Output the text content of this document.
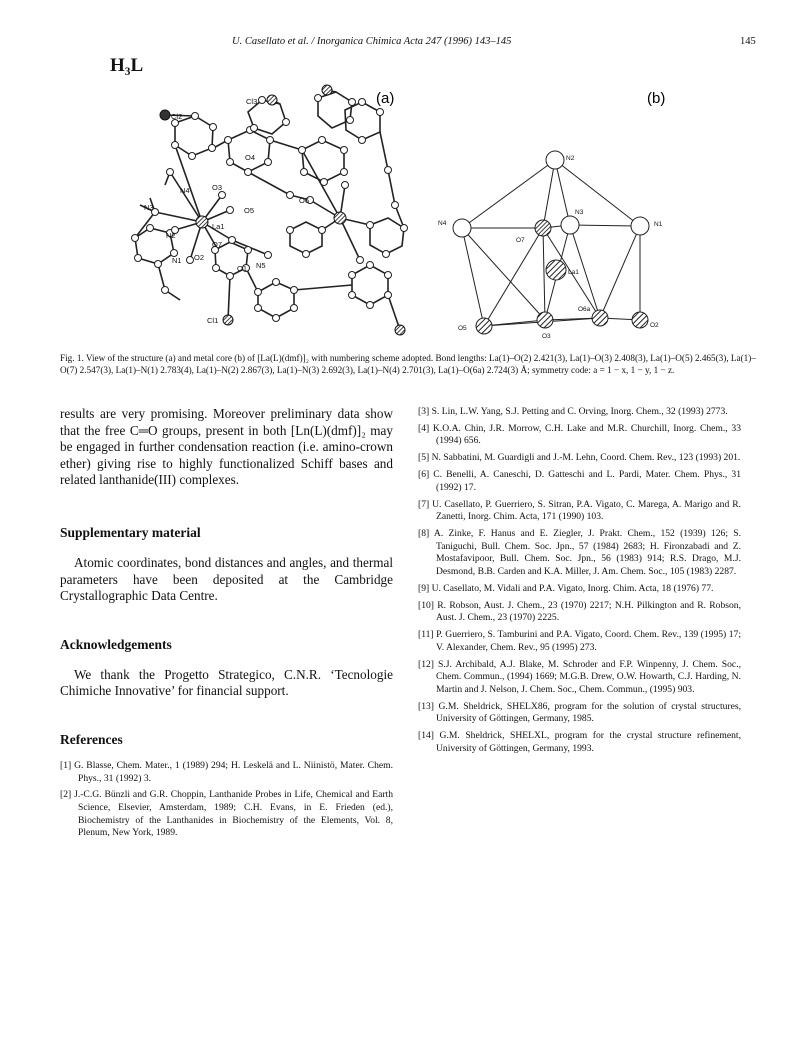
U. Casellato et al. / Inorganica Chimica Acta 247 (1996) 143–145	145
H₃L
Cl3
Cl2
O4
O3
N4
N3	O5
O6
N2
La1
O7
N1 O2
O1 N5
Cl1
(a)	(b)
N2
N4
N3
N1
O7
La1
O6a
O5	O2
O3
Fig. 1. View of the structure (a) and metal core (b) of [La(L)(dmf)]₂ with numbering scheme adopted. Bond lengths: La(1)–O(2) 2.421(3), La(1)–O(3) 2.408(3), La(1)–O(5) 2.465(3), La(1)–O(7) 2.547(3), La(1)–N(1) 2.783(4), La(1)–N(2) 2.867(3), La(1)–N(3) 2.692(3), La(1)–N(4) 2.701(3), La(1)–O(6a) 2.724(3) Å; symmetry code: a = 1 − x, 1 − y, 1 − z.

results are very promising. Moreover preliminary data show that the free C═O groups, present in both [Ln(L)(dmf)]₂ may be engaged in further condensation reaction (i.e. amino-crown ether) giving rise to highly functionalized Schiff bases and related lanthanide(III) complexes.

Supplementary material

Atomic coordinates, bond distances and angles, and thermal parameters have been deposited at the Cambridge Crystallographic Data Centre.

Acknowledgements

We thank the Progetto Strategico, C.N.R. ‘Tecnologie Chimiche Innovative’ for financial support.

References

[1] G. Blasse, Chem. Mater., 1 (1989) 294; H. Leskelä and L. Niinistö, Mater. Chem. Phys., 31 (1992) 3.

[2] J.-C.G. Bünzli and G.R. Choppin, Lanthanide Probes in Life, Chemical and Earth Science, Elsevier, Amsterdam, 1989; C.H. Evans, in E. Frieden (ed.), Biochemistry of the Lanthanides in Biochemistry of the Elements, Vol. 8, Plenum, New York, 1989.

[3] S. Lin, L.W. Yang, S.J. Petting and C. Orving, Inorg. Chem., 32 (1993) 2773.

[4] K.O.A. Chin, J.R. Morrow, C.H. Lake and M.R. Churchill, Inorg. Chem., 33 (1994) 656.

[5] N. Sabbatini, M. Guardigli and J.-M. Lehn, Coord. Chem. Rev., 123 (1993) 201.

[6] C. Benelli, A. Caneschi, D. Gatteschi and L. Pardi, Mater. Chem. Phys., 31 (1992) 17.

[7] U. Casellato, P. Guerriero, S. Sitran, P.A. Vigato, C. Marega, A. Marigo and R. Zanetti, Inorg. Chim. Acta, 171 (1990) 103.

[8] A. Zinke, F. Hanus and E. Ziegler, J. Prakt. Chem., 152 (1939) 126; S. Taniguchi, Bull. Chem. Soc. Jpn., 57 (1984) 2683; H. Fironzabadi and Z. Mostafavipoor, Bull. Chem. Soc. Jpn., 56 (1983) 914; R.S. Drago, M.J. Desmond, B.B. Carden and K.A. Miller, J. Am. Chem. Soc., 105 (1983) 2287.

[9] U. Casellato, M. Vidali and P.A. Vigato, Inorg. Chim. Acta, 18 (1976) 77.

[10] R. Robson, Aust. J. Chem., 23 (1970) 2217; N.H. Pilkington and R. Robson, Aust. J. Chem., 23 (1970) 2225.

[11] P. Guerriero, S. Tamburini and P.A. Vigato, Coord. Chem. Rev., 139 (1995) 17; V. Alexander, Chem. Rev., 95 (1995) 273.

[12] S.J. Archibald, A.J. Blake, M. Schroder and F.P. Winpenny, J. Chem. Soc., Chem. Commun., (1994) 1669; M.G.B. Drew, O.W. Howarth, C.J. Harding, N. Martin and J. Nelson, J. Chem. Soc., Chem. Commun., (1995) 903.

[13] G.M. Sheldrick, SHELX86, program for the solution of crystal structures, University of Göttingen, Germany, 1985.

[14] G.M. Sheldrick, SHELXL, program for the crystal structure refinement, University of Göttingen, Germany, 1993.
